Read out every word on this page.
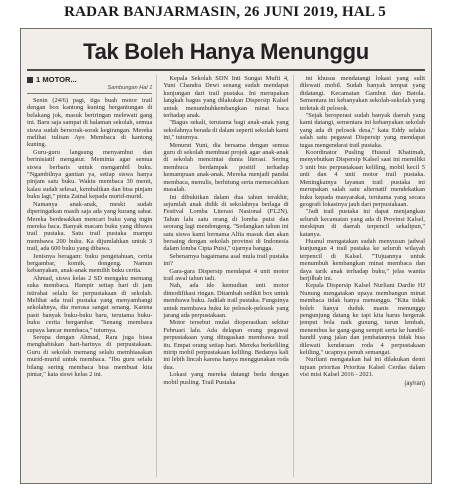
RADAR BANJARMASIN, 26 JUNI 2019, HAL 5
Tak Boleh Hanya Menunggu
1 MOTOR...
Sambungan Hal 1

Senin (24/6) pagi, tiga buah motor trail dengan box kantong kuning bergantungan di belakang jok, masuk beriringan melewati gang ini. Baru saja sampai di halaman sekolah, semua siswa sudah bersorak-sorak kegirangan. Mereka melihat tulisan Ayo Membaca di kantong kuning.

Guru-guru langsung menyambut dan berinisiatif mengatur. Meminta agar semua siswa berbaris untuk mengambil buku. "Ngambilnya gantian ya, setiap siswa hanya pinjam satu buku. Waktu membaca 30 menit, kalau sudah selesai, kembalikan dan bisa pinjam buku lagi," pinta Zainal kepada murid-murid.

Namanya anak-anak, meski sudah diperingatkan masih saja ada yang kurang sabar. Mereka berdesakkan mencari buku yang ingin mereka baca. Banyak macam buku yang dibawa trail pustaka. Satu trail pustaka mampu membawa 200 buku. Ka dijumlahkan untuk 3 trail, ada 600 buku yang dibawa.

Jenisnya beragam: buku pengetahuan, cerita bergambar, komik, dongeng. Namun kebanyakan, anak-anak memilih buku cerita.

Ahmad, siswa kelas 2 SD mengaku memang suka membaca. Hampir setiap hari di jam istirahat selalu ke perpustakaan di sekolah. Melihat ada trail pustaka yang menyambangi sekolahnya, dia merasa sangat senang. Karena pasti banyak buku-buku baru, terutama buku-buku cerita bergambar. "Senang membaca supaya lancar membaca," tuturnya.

Serupa dengan Ahmad, Rara juga biasa menghabiskan hari-harinya di perpustakaan. Guru di sekolah memang selalu membiasakan murid-murid untuk membaca. "Ibu guru selalu bilang sering membaca bisa membuat kita pintar," kata siswi kelas 2 ini.

Kepala Sekolah SDN Inti Sungai Mufti 4, Yuni Chandra Dewi senang sudah mendapat kunjungan dari trail pustaka. Ini merupakan langkah bagus yang dilakukan Dispersip Kalsel untuk menumbuhkembangkan minat baca terhadap anak.

"Bagus sekali, terutama bagi anak-anak yang sekolahnya berada di dalam seperti sekolah kami ini," tuturnya.

Menurut Yuni, dia bersama dengan semua guru di sekolah membuat projek agar anak-anak di sekolah mencintai dunia literasi. Sering membuca berdampak positif terhadap kemampuan anak-anak. Mereka menjadi pandai membaca, menulis, berhitung serta memecahkan masalah.

Ini dibuktikan dalam dua tahun terakhir, sejumlah anak didik di sekolahnya berlaga di Festival Lomba Literasi Nasional (FL2N). Tahun lalu satu orang di lomba puisi dan seorang lagi mendongeng. "Sedangkan tahun ini satu siswa kami bernama Alfia masuk dan akan bersaing dengan sekolah provinsi di Indonesia dalam lomba Cipta Puisi," ujarnya bangga.

Sebenarnya bagaimana asal mula trail pustaka ini?

Gara-gara Dispersip mendapat 4 unit motor trail awal tahun tadi.

Nah, ada ide kemudian unit motor dimodifikasi ringan. Ditambah sedikit box untuk membawa buku. Jadilah trail pustaka. Fungsinya untuk membawa buku ke pelosok-pelosok yang jarang ada perpustakaan.

Motor tersebut mulai dioperasikan sekitar Februari lalu. Ada delapan orang pegawai perpustakaan yang ditugaskan membawa trail itu. Empat orang setiap hari. Mereka berkeliling mirip mobil perpustakaan keliling. Bedanya kali ini lebih lincah karena hanya menggunakan roda dua.

Lokasi yang mereka datangi beda dengan mobil pusling. Trail Pustaka

ini khusus mendatangi lokasi yang sulit dilewati mobil. Sudah banyak tempat yang didatangi. Kecamatan Gambut dan Batola. Sementara ini kebanyakan sekolah-sekolah yang terletak di pelosok.

"Sejak beroperasi sudah banyak daerah yang kami datangi, sementara ini kebanyakan sekolah yang ada di pelosok desa," kata Eddy selaku salah satu pegawai Dispersip yang mendapat tugas mengendarai trail pustaka.

Koordinator Pusling Husnul Khatimah, menyebutkan Dispersip Kalsel saat ini memiliki 3 unit bus perpustakaan keliling, mobil kecil 5 unit dan 4 unit motor trail pustaka. Meningkatnya layanan trail pustaka ini merupakan salah satu alternatif mendekatkan buku kepada masyarakat, terutama yang secara geografi lokasinya jauh dari perpustakaan.

"Jadi trail pustaka ini dapat menjangkau seluruh kecamatan yang ada di Provinsi Kalsel, meskipun di daerah terpencil sekalipun," katanya.

Husnul mengatakan sudah menyusun jadwal kunjungan 4 trail pustaka ke seluruh wilayah terpencil di Kalsel. "Tujuannya untuk menumbuh kembangkan minat membaca dan daya tarik anak terhadap buku," jelas wanita berjilbab ini.

Kepala Dispersip Kalsel Nurliani Dardie HJ Nunung mengatakan upaya membangun minat membaca tidak hanya menunggu. "Kita tidak boleh hanya duduk manis menunggu pengunjung datang ke tapi kita harus bergerak jemput bola naik gunung, turun lembah, menembus ke gang-gang sempit serta ke handil-handil yang jalan dan jembatannya tidak bisa dilewati kendaraan roda 4 perpustakaan keliling," ucapnya penuh semangat.

Nurliani mengatakan hal ini dilakukan demi tujuan prioritas Prioritas Kalsel Cerdas dalam visi misi Kalsel 2016 - 2021.

(ay/ran)
